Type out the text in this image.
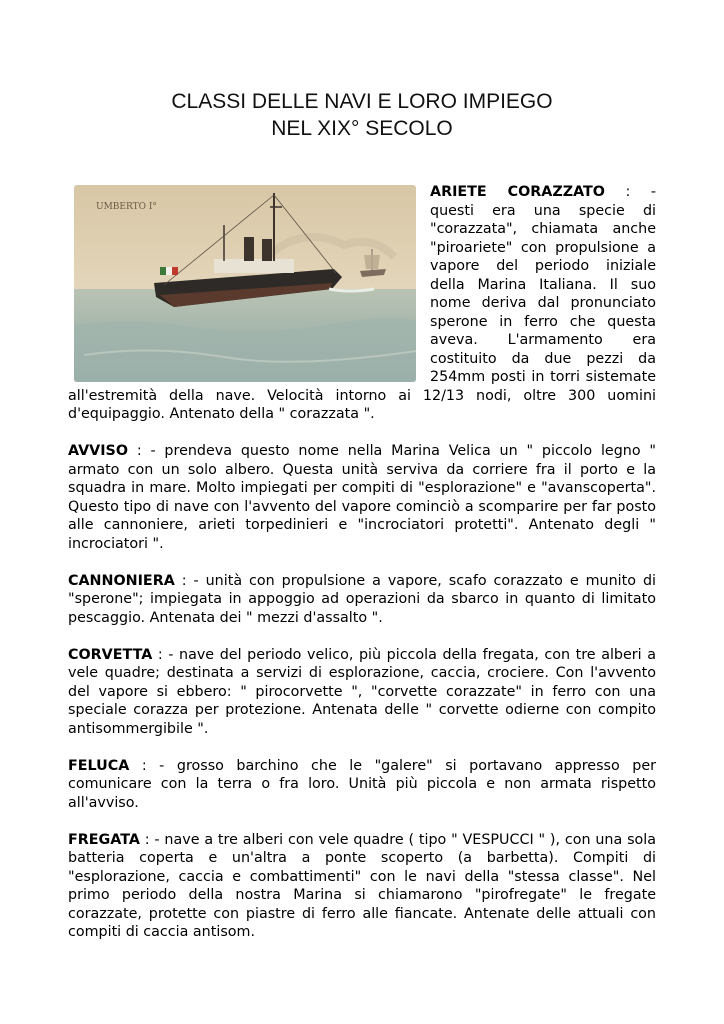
CLASSI DELLE NAVI E LORO IMPIEGO
NEL XIX° SECOLO

UMBERTO I°
ARIETE CORAZZATO : - questi era una specie di "corazzata", chiamata anche "piroariete" con propulsione a vapore del periodo iniziale della Marina Italiana. Il suo nome deriva dal pronunciato sperone in ferro che questa aveva. L'armamento era costituito da due pezzi da 254mm posti in torri sistemate all'estremità della nave. Velocità intorno ai 12/13 nodi, oltre 300 uomini d'equipaggio. Antenato della " corazzata ".

AVVISO : - prendeva questo nome nella Marina Velica un " piccolo legno " armato con un solo albero. Questa unità serviva da corriere fra il porto e la squadra in mare. Molto impiegati per compiti di "esplorazione" e "avanscoperta". Questo tipo di nave con l'avvento del vapore cominciò a scomparire per far posto alle cannoniere, arieti torpedinieri e "incrociatori protetti". Antenato degli " incrociatori ".

CANNONIERA : - unità con propulsione a vapore, scafo corazzato e munito di "sperone"; impiegata in appoggio ad operazioni da sbarco in quanto di limitato pescaggio. Antenata dei " mezzi d'assalto ".

CORVETTA : - nave del periodo velico, più piccola della fregata, con tre alberi a vele quadre; destinata a servizi di esplorazione, caccia, crociere. Con l'avvento del vapore si ebbero: " pirocorvette ", "corvette corazzate" in ferro con una speciale corazza per protezione. Antenata delle " corvette odierne con compito antisommergibile ".

FELUCA : - grosso barchino che le "galere" si portavano appresso per comunicare con la terra o fra loro. Unità più piccola e non armata rispetto all'avviso.

FREGATA : - nave a tre alberi con vele quadre ( tipo " VESPUCCI " ), con una sola batteria coperta e un'altra a ponte scoperto (a barbetta). Compiti di "esplorazione, caccia e combattimenti" con le navi della "stessa classe". Nel primo periodo della nostra Marina si chiamarono "pirofregate" le fregate corazzate, protette con piastre di ferro alle fiancate. Antenate delle attuali con compiti di caccia antisom.
